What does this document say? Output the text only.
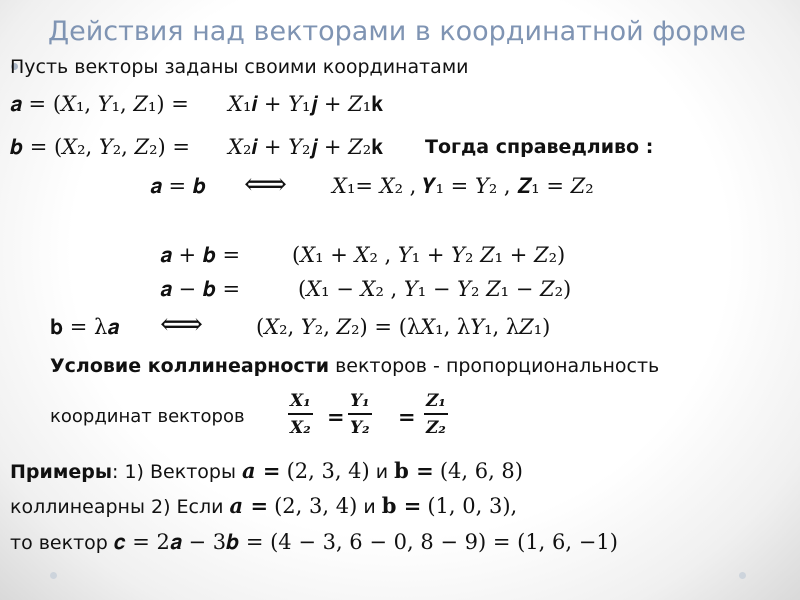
Действия над векторами в координатной форме
Пусть векторы заданы своими координатами
𝒂 = (𝑋₁, 𝑌₁, 𝑍₁) = 𝑋₁𝒊 + 𝑌₁𝒋 + 𝑍₁𝐤
𝒃 = (𝑋₂, 𝑌₂, 𝑍₂) = 𝑋₂𝒊 + 𝑌₂𝒋 + 𝑍₂𝐤 Тогда справедливо :
𝒂 = 𝒃 ⟺ 𝑋₁= 𝑋₂ , 𝒀₁ = 𝑌₂ , 𝒁₁ = 𝑍₂
𝒂 + 𝒃 = (𝑋₁ + 𝑋₂ , 𝑌₁ + 𝑌₂ 𝑍₁ + 𝑍₂)
𝒂 − 𝒃 =	(𝑋₁ − 𝑋₂ , 𝑌₁ − 𝑌₂ 𝑍₁ − 𝑍₂)
𝐛 = λ𝒂 ⟺	(𝑋₂, 𝑌₂, 𝑍₂) = (λ𝑋₁, λ𝑌₁, λ𝑍₁)
Условие коллинеарности векторов - пропорциональность
координат векторов	$\frac{\text{X₁}}{\text{X₂}} = \frac{\text{Y₁}}{\text{Y₂}} = \frac{\text{Z₁}}{\text{Z₂}}$
Примеры: 1) Векторы 𝒂 = (2, 3, 4) и 𝐛 = (4, 6, 8)
коллинеарны 2) Если 𝒂 = (2, 3, 4) и 𝐛 = (1, 0, 3),
то вектор 𝒄 = 2𝒂 − 3𝒃 = (4 − 3, 6 − 0, 8 − 9) = (1, 6, −1)
